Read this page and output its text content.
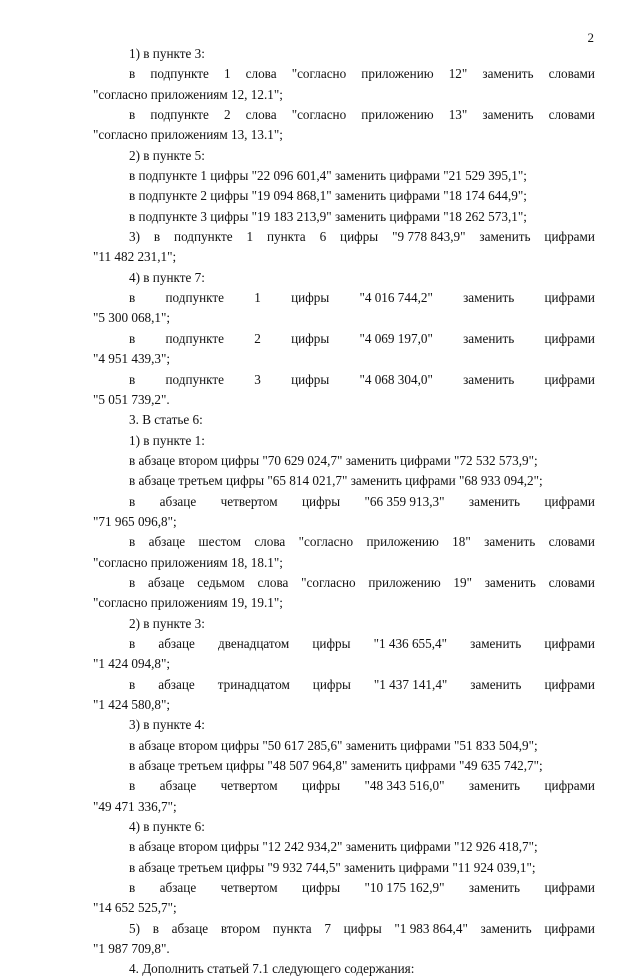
2
1) в пункте 3:
в подпункте 1 слова "согласно приложению 12" заменить словами
"согласно приложениям 12, 12.1";
в подпункте 2 слова "согласно приложению 13" заменить словами
"согласно приложениям 13, 13.1";
2) в пункте 5:
в подпункте 1 цифры "22 096 601,4" заменить цифрами "21 529 395,1";
в подпункте 2 цифры "19 094 868,1" заменить цифрами "18 174 644,9";
в подпункте 3 цифры "19 183 213,9" заменить цифрами "18 262 573,1";
3) в подпункте 1 пункта 6 цифры "9 778 843,9" заменить цифрами
"11 482 231,1";
4) в пункте 7:
в подпункте 1 цифры "4 016 744,2" заменить цифрами
"5 300 068,1";
в подпункте 2 цифры "4 069 197,0" заменить цифрами
"4 951 439,3";
в подпункте 3 цифры "4 068 304,0" заменить цифрами
"5 051 739,2".
3. В статье 6:
1) в пункте 1:
в абзаце втором цифры "70 629 024,7" заменить цифрами "72 532 573,9";
в абзаце третьем цифры "65 814 021,7" заменить цифрами "68 933 094,2";
в абзаце четвертом цифры "66 359 913,3" заменить цифрами
"71 965 096,8";
в абзаце шестом слова "согласно приложению 18" заменить словами
"согласно приложениям 18, 18.1";
в абзаце седьмом слова "согласно приложению 19" заменить словами
"согласно приложениям 19, 19.1";
2) в пункте 3:
в абзаце двенадцатом цифры "1 436 655,4" заменить цифрами
"1 424 094,8";
в абзаце тринадцатом цифры "1 437 141,4" заменить цифрами
"1 424 580,8";
3) в пункте 4:
в абзаце втором цифры "50 617 285,6" заменить цифрами "51 833 504,9";
в абзаце третьем цифры "48 507 964,8" заменить цифрами "49 635 742,7";
в абзаце четвертом цифры "48 343 516,0" заменить цифрами
"49 471 336,7";
4) в пункте 6:
в абзаце втором цифры "12 242 934,2" заменить цифрами "12 926 418,7";
в абзаце третьем цифры "9 932 744,5" заменить цифрами "11 924 039,1";
в абзаце четвертом цифры "10 175 162,9" заменить цифрами
"14 652 525,7";
5) в абзаце втором пункта 7 цифры "1 983 864,4" заменить цифрами
"1 987 709,8".
4. Дополнить статьей 7.1 следующего содержания:
